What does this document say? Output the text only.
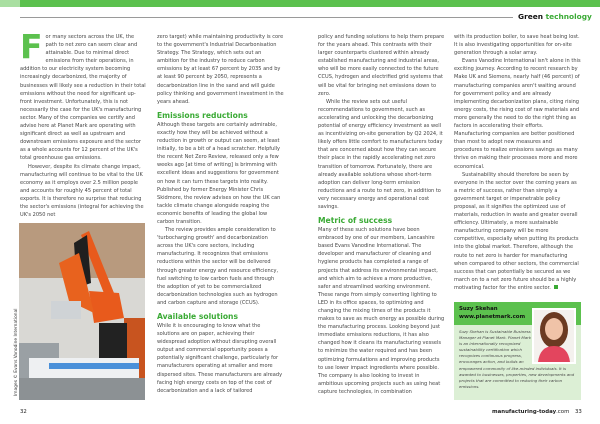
Green technology

For many sectors across the UK, the path to net zero can seem clear and attainable. Due to minimal direct emissions from their operations, in addition to our electricity system becoming increasingly decarbonized, the majority of businesses will likely see a reduction in their total emissions without the need for significant up-front investment. Unfortunately, this is not necessarily the case for the UK's manufacturing sector. Many of the companies we certify and advise here at Planet Mark are operating with significant direct as well as upstream and downstream emissions exposure and the sector as a whole accounts for 12 percent of the UK's total greenhouse gas emissions.

However, despite its climate change impact, manufacturing will continue to be vital to the UK economy as it employs over 2.5 million people and accounts for roughly 45 percent of total exports. It is therefore no surprise that reducing the sector's emissions (integral for achieving the UK's 2050 net

zero target) while maintaining productivity is core to the government's Industrial Decarbonisation Strategy. The Strategy, which sets out an ambition for the industry to reduce carbon emissions by at least 67 percent by 2035 and by at least 90 percent by 2050, represents a decarbonization line in the sand and will guide policy thinking and government investment in the years ahead.

Emissions reductions

Although these targets are certainly admirable, exactly how they will be achieved without a reduction in growth or output can seem, at least initially, to be a bit of a head scratcher. Helpfully the recent Net Zero Review, released only a few weeks ago [at time of writing] is brimming with excellent ideas and suggestions for government on how it can turn these targets into reality. Published by former Energy Minister Chris Skidmore, the review advises on how the UK can tackle climate change alongside reaping the economic benefits of leading the global low carbon transition.

The review provides ample consideration to 'turbocharging growth' and decarbonization across the UK's core sectors, including manufacturing. It recognizes that emissions reductions within the sector will be delivered through greater energy and resource efficiency, fuel switching to low carbon fuels and through the adoption of yet to be commercialized decarbonization technologies such as hydrogen and carbon capture and storage (CCUS).

Available solutions

While it is encouraging to know what the solutions are on paper, achieving their widespread adoption without disrupting overall output and commercial opportunity poses a potentially significant challenge, particularly for manufacturers operating at smaller and more dispersed sites. These manufacturers are already facing high energy costs on top of the cost of decarbonization and a lack of tailored

policy and funding solutions to help them prepare for the years ahead. This contrasts with their larger counterparts clustered within already established manufacturing and industrial areas, who will be more easily connected to the future CCUS, hydrogen and electrified grid systems that will be vital for bringing net emissions down to zero.

While the review sets out useful recommendations to government, such as accelerating and unlocking the decarbonizing potential of energy efficiency investment as well as incentivizing on-site generation by Q2 2024, it likely offers little comfort to manufacturers today that are concerned about how they can secure their place in the rapidly accelerating net zero transition of tomorrow. Fortunately, there are already available solutions whose short-term adoption can deliver long-term emission reductions and a route to net zero, in addition to very necessary energy and operational cost savings.

Metric of success

Many of these such solutions have been embraced by one of our members, Lancashire based Evans Vanodine International. The developer and manufacturer of cleaning and hygiene products has completed a range of projects that address its environmental impact, and which aim to achieve a more productive, safer and streamlined working environment. These range from simply converting lighting to LED in its office spaces, to optimizing and changing the mixing times of the products it makes to save as much energy as possible during the manufacturing process. Looking beyond just immediate emissions reductions, it has also changed how it cleans its manufacturing vessels to minimize the water required and has been optimizing formulations and improving products to use lower impact ingredients where possible.

The company is also looking to invest in ambitious upcoming projects such as using heat capture technologies, in combination

with its production boiler, to save heat being lost. It is also investigating opportunities for on-site generation through a solar array.

Evans Vanodine International isn't alone in this exciting journey. According to recent research by Make UK and Siemens, nearly half (46 percent) of manufacturing companies aren't waiting around for government policy and are already implementing decarbonization plans, citing rising energy costs, the rising cost of raw materials and more generally the need to do the right thing as factors in accelerating their efforts. Manufacturing companies are better positioned than most to adopt new measures and procedures to realize emissions savings as many thrive on making their processes more and more economical.

Sustainability should therefore be seen by everyone in the sector over the coming years as a metric of success, rather than simply a government target or impenetrable policy proposal, as it signifies the optimized use of materials, reduction in waste and greater overall efficiency. Ultimately, a more sustainable manufacturing company will be more competitive, especially when putting its products into the global market. Therefore, although the route to net zero is harder for manufacturing when compared to other sectors, the commercial success that can potentially be secured as we march on to a net zero future should be a highly motivating factor for the entire sector.

Images © Evans Vanodine International	Suzy Skehan
www.planetmark.com
Suzy Skehan is Sustainable Business Manager at Planet Mark. Planet Mark is an internationally recognized sustainability certification which recognizes continuous progress, encourages action, and builds an empowered community of like-minded individuals. It is awarded to businesses, properties, new developments and projects that are committed to reducing their carbon emissions.
32	manufacturing-today.com 33
